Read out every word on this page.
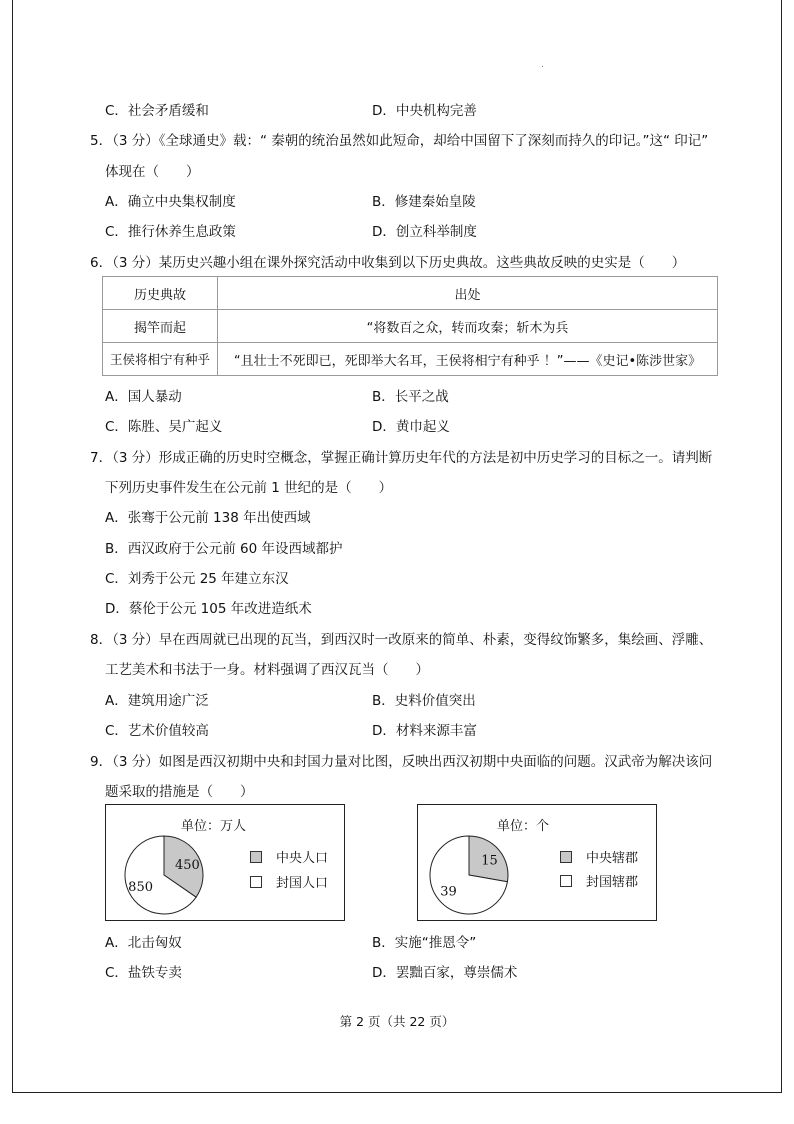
.
C．社会矛盾缓和	D．中央机构完善
5．（3 分）《全球通史》载：“ 秦朝的统治虽然如此短命，却给中国留下了深刻而持久的印记。”这“ 印记”
体现在（　　）
A．确立中央集权制度	B．修建秦始皇陵
C．推行休养生息政策	D．创立科举制度
6．（3 分）某历史兴趣小组在课外探究活动中收集到以下历史典故。这些典故反映的史实是（　　）
历史典故	出处
揭竿而起	“将数百之众，转而攻秦；斩木为兵
王侯将相宁有种乎	“且壮士不死即已，死即举大名耳，王侯将相宁有种乎 ！”——《史记•陈涉世家》
A．国人暴动	B．长平之战
C．陈胜、吴广起义	D．黄巾起义
7．（3 分）形成正确的历史时空概念，掌握正确计算历史年代的方法是初中历史学习的目标之一。请判断
下列历史事件发生在公元前 1 世纪的是（　　）
A．张骞于公元前 138 年出使西域
B．西汉政府于公元前 60 年设西域都护
C．刘秀于公元 25 年建立东汉
D．蔡伦于公元 105 年改进造纸术
8．（3 分）早在西周就已出现的瓦当，到西汉时一改原来的简单、朴素，变得纹饰繁多，集绘画、浮雕、
工艺美术和书法于一身。材料强调了西汉瓦当（　　）
A．建筑用途广泛	B．史料价值突出
C．艺术价值较高	D．材料来源丰富
9．（3 分）如图是西汉初期中央和封国力量对比图，反映出西汉初期中央面临的问题。汉武帝为解决该问
题采取的措施是（　　）
单位：万人
450
850
中央人口
封国人口
单位：个
15
39
中央辖郡
封国辖郡
A．北击匈奴	B．实施“推恩令”
C．盐铁专卖	D．罢黜百家，尊崇儒术
第 2 页（共 22 页）
